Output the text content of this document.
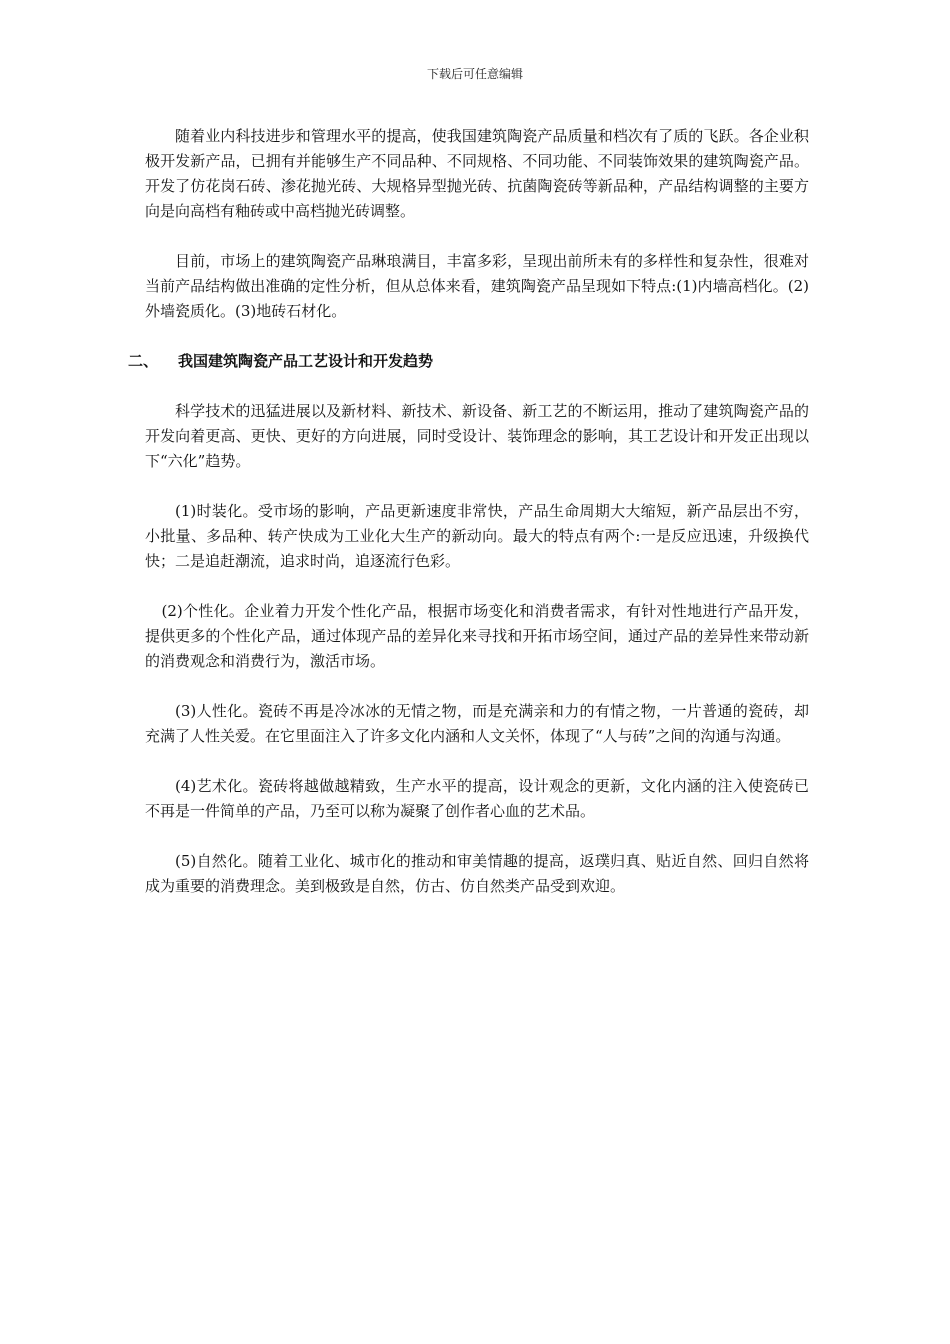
下载后可任意编辑

随着业内科技进步和管理水平的提高，使我国建筑陶瓷产品质量和档次有了质的飞跃。各企业积极开发新产品，已拥有并能够生产不同品种、不同规格、不同功能、不同装饰效果的建筑陶瓷产品。开发了仿花岗石砖、渗花抛光砖、大规格异型抛光砖、抗菌陶瓷砖等新品种，产品结构调整的主要方向是向高档有釉砖或中高档抛光砖调整。

目前，市场上的建筑陶瓷产品琳琅满目，丰富多彩，呈现出前所未有的多样性和复杂性，很难对当前产品结构做出准确的定性分析，但从总体来看，建筑陶瓷产品呈现如下特点:(1)内墙高档化。(2)外墙瓷质化。(3)地砖石材化。

二、 我国建筑陶瓷产品工艺设计和开发趋势

科学技术的迅猛进展以及新材料、新技术、新设备、新工艺的不断运用，推动了建筑陶瓷产品的开发向着更高、更快、更好的方向进展，同时受设计、装饰理念的影响，其工艺设计和开发正出现以下“六化”趋势。

(1)时装化。受市场的影响，产品更新速度非常快，产品生命周期大大缩短，新产品层出不穷，小批量、多品种、转产快成为工业化大生产的新动向。最大的特点有两个:一是反应迅速，升级换代快；二是追赶潮流，追求时尚，追逐流行色彩。

(2)个性化。企业着力开发个性化产品，根据市场变化和消费者需求，有针对性地进行产品开发，提供更多的个性化产品，通过体现产品的差异化来寻找和开拓市场空间，通过产品的差异性来带动新的消费观念和消费行为，激活市场。

(3)人性化。瓷砖不再是冷冰冰的无情之物，而是充满亲和力的有情之物，一片普通的瓷砖，却充满了人性关爱。在它里面注入了许多文化内涵和人文关怀，体现了“人与砖”之间的沟通与沟通。

(4)艺术化。瓷砖将越做越精致，生产水平的提高，设计观念的更新，文化内涵的注入使瓷砖已不再是一件简单的产品，乃至可以称为凝聚了创作者心血的艺术品。

(5)自然化。随着工业化、城市化的推动和审美情趣的提高，返璞归真、贴近自然、回归自然将成为重要的消费理念。美到极致是自然，仿古、仿自然类产品受到欢迎。
